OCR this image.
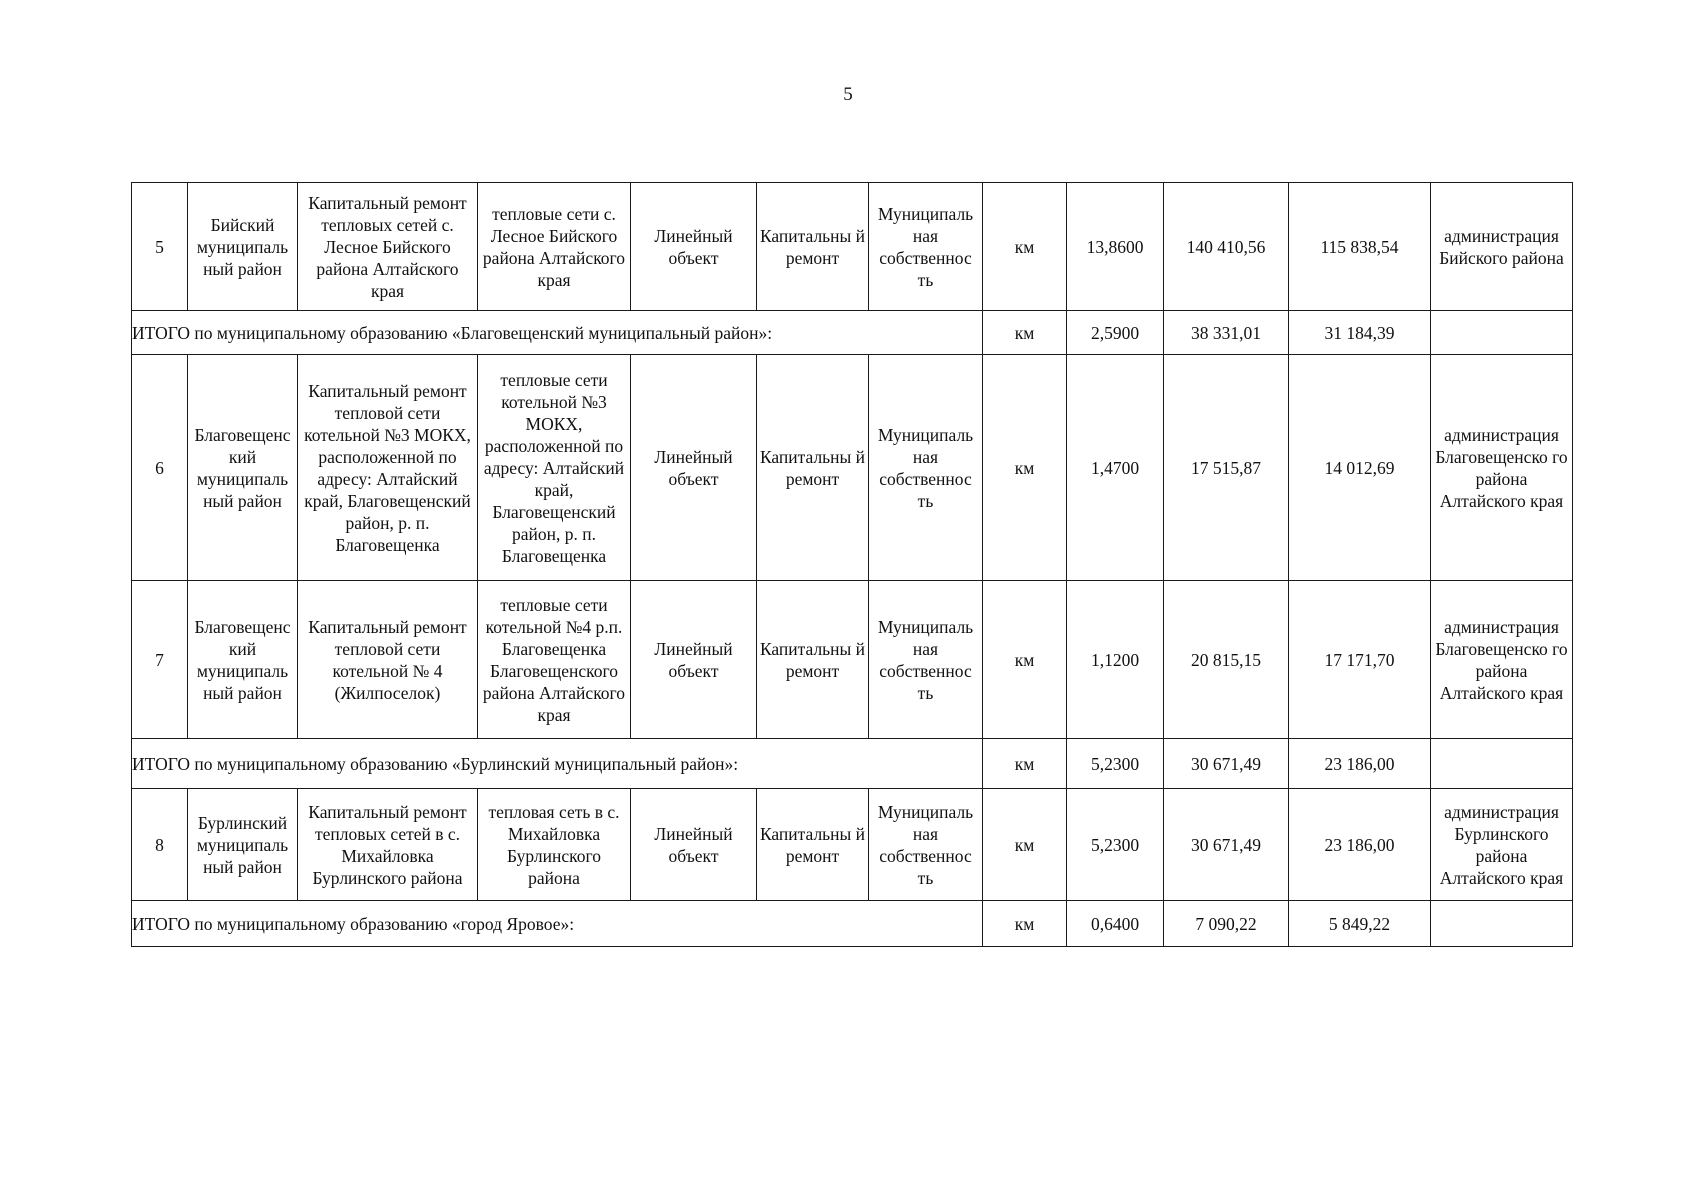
5
5	Бийский муниципаль ный район	Капитальный ремонт тепловых сетей с. Лесное Бийского района Алтайского края	тепловые сети с. Лесное Бийского района Алтайского края	Линейный объект	Капитальны й ремонт	Муниципаль ная собственнос ть	км	13,8600	140 410,56	115 838,54	администрация Бийского района
ИТОГО по муниципальному образованию «Благовещенский муниципальный район»:							км	2,5900	38 331,01	31 184,39	
6	Благовещенс кий муниципаль ный район	Капитальный ремонт тепловой сети котельной №3 МОКХ, расположенной по адресу: Алтайский край, Благовещенский район, р. п. Благовещенка	тепловые сети котельной №3 МОКХ, расположенной по адресу: Алтайский край, Благовещенский район, р. п. Благовещенка	Линейный объект	Капитальны й ремонт	Муниципаль ная собственнос ть	км	1,4700	17 515,87	14 012,69	администрация Благовещенско го района Алтайского края
7	Благовещенс кий муниципаль ный район	Капитальный ремонт тепловой сети котельной № 4 (Жилпоселок)	тепловые сети котельной №4 р.п. Благовещенка Благовещенского района Алтайского края	Линейный объект	Капитальны й ремонт	Муниципаль ная собственнос ть	км	1,1200	20 815,15	17 171,70	администрация Благовещенско го района Алтайского края
ИТОГО по муниципальному образованию «Бурлинский муниципальный район»:							км	5,2300	30 671,49	23 186,00	
8	Бурлинский муниципаль ный район	Капитальный ремонт тепловых сетей в с. Михайловка Бурлинского района	тепловая сеть в с. Михайловка Бурлинского района	Линейный объект	Капитальны й ремонт	Муниципаль ная собственнос ть	км	5,2300	30 671,49	23 186,00	администрация Бурлинского района Алтайского края
ИТОГО по муниципальному образованию «город Яровое»:							км	0,6400	7 090,22	5 849,22	
